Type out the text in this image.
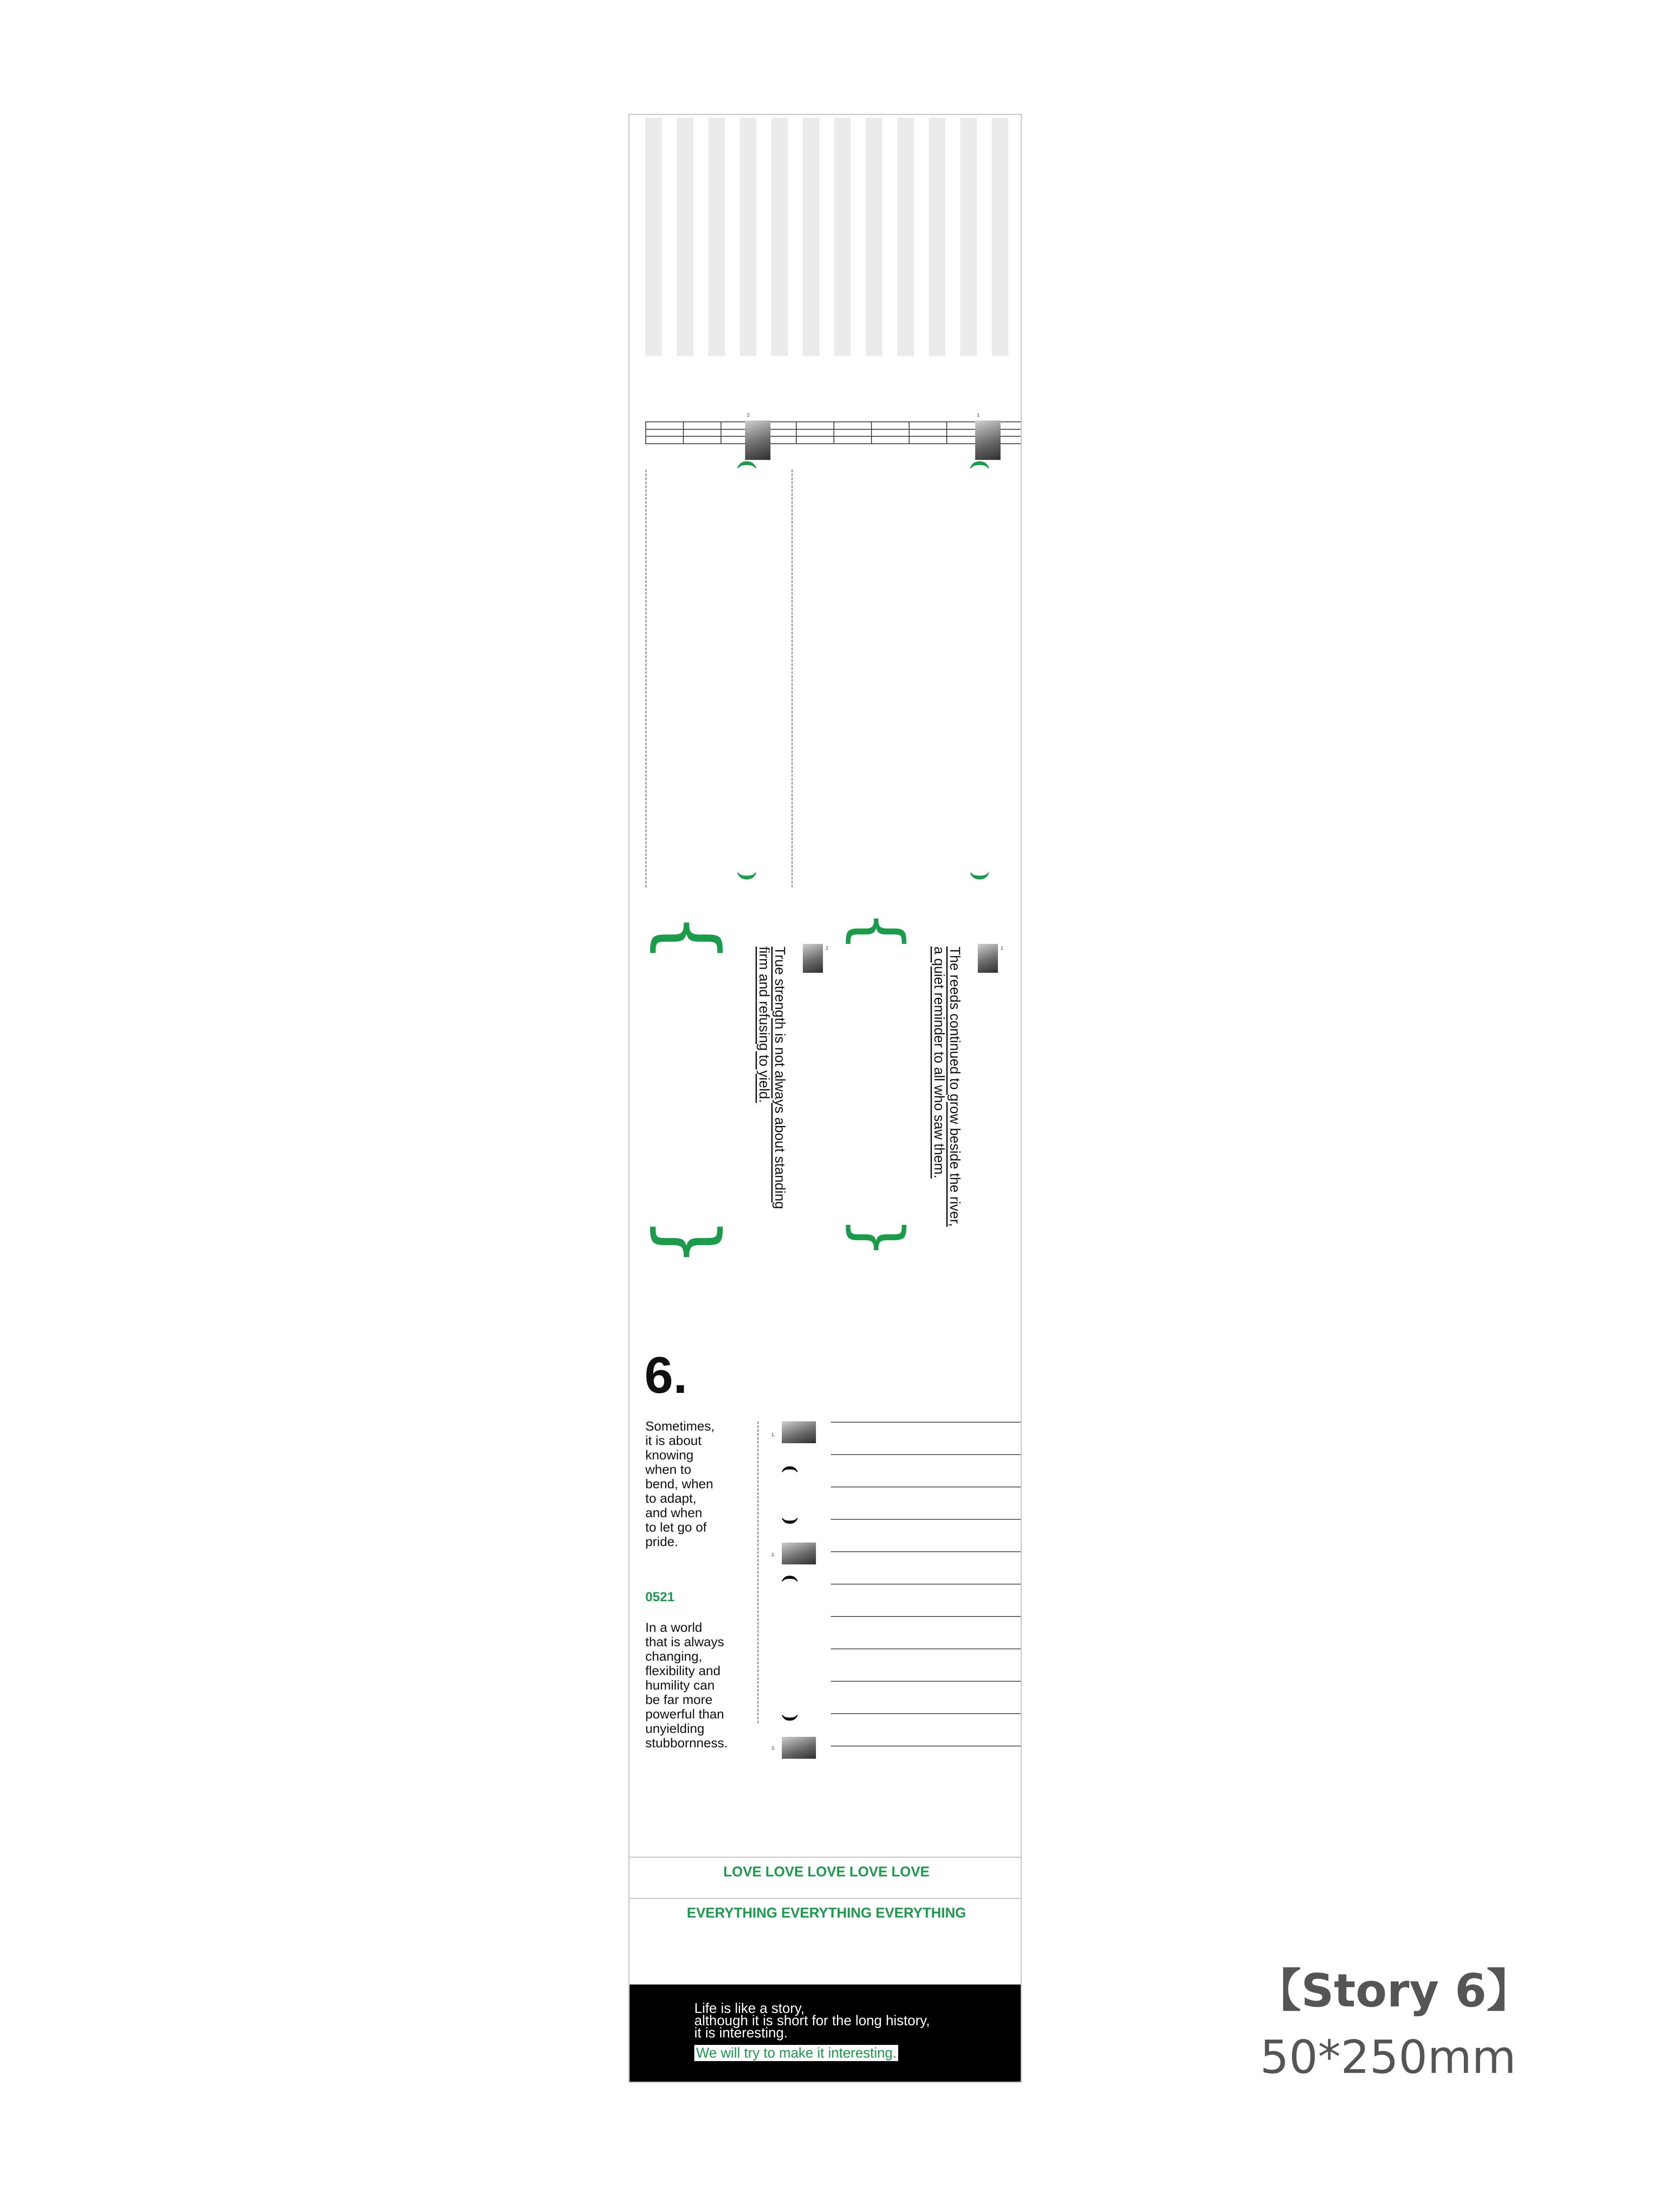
2	1
(
)
(
)
{
}
{
}
2	1
True strength is not always about standing firm and refusing to yield.	The reeds continued to grow beside the river, a quiet reminder to all who saw them.
6.
Sometimes,
it is about
knowing
when to
bend, when
to adapt,
and when
to let go of
pride.
0521
In a world
that is always
changing,
flexibility and
humility can
be far more
powerful than
unyielding
stubbornness.
1.
(
)
2.
(
)
3.
LOVE LOVE LOVE LOVE LOVE
EVERYTHING EVERYTHING EVERYTHING
Life is like a story,
although it is short for the long history,
it is interesting.
We will try to make it interesting.
【Story 6】
50*250mm
